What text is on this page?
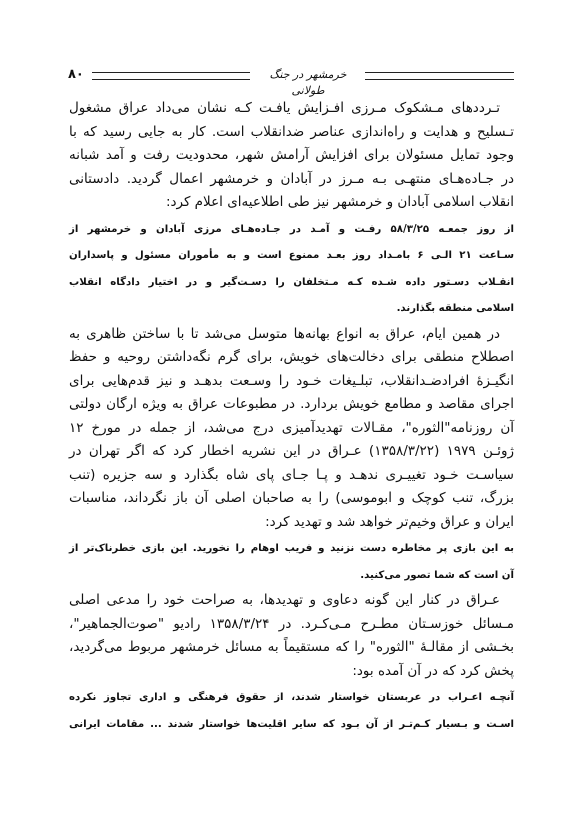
۸۰	خرمشهر در جنگ طولانی

تـرددهای مـشکوک مـرزی افـزایش یافـت کـه نشان می‌داد عراق مشغول
تـسلیح و هدایت و راه‌اندازی عناصر ضدانقلاب است. کار به جایی رسید که با
وجود تمایل مسئولان برای افزایش آرامش شهر، محدودیت رفت و آمد شبانه
در جـاده‌هـای منتهـی بـه مـرز در آبادان و خرمشهر اعمال گردید. دادستانی
انقلاب اسلامی آبادان و خرمشهر نیز طی اطلاعیه‌ای اعلام کرد:

از روز جمعـه ۵۸/۳/۲۵ رفـت و آمـد در جـاده‌هـای مرزی آبادان و خرمشهر از
سـاعت ۲۱ الـی ۶ بامـداد روز بعـد ممنوع است و به مأموران مسئول و پاسداران
انقـلاب دسـتور داده شـده کـه مـتخلفان را دسـت‌گیر و در اختیار دادگاه انقلاب
اسلامی منطقه بگذارند.

در همین ایام، عراق به انواع بهانه‌ها متوسل می‌شد تا با ساختن ظاهری به
اصطلاح منطقی برای دخالت‌های خویش، برای گرم نگه‌داشتن روحیه و حفظ
انگیـزهٔ افرادضـدانقلاب، تبلـیغات خـود را وسـعت بدهـد و نیز قدم‌هایی برای
اجرای مقاصد و مطامع خویش بردارد. در مطبوعات عراق به ویژه ارگان دولتی
آن روزنامه"الثوره"، مقـالات تهدیدآمیزی درج می‌شد، از جمله در مورخ ۱۲
ژوئـن ۱۹۷۹ (۱۳۵۸/۳/۲۲) عـراق در این نشریه اخطار کرد که اگر تهران در
سیاسـت خـود تغییـری ندهـد و پـا جـای پای شاه بگذارد و سه جزیره (تنب
بزرگ، تنب کوچک و ابوموسی) را به صاحبان اصلی آن باز نگرداند، مناسبات
ایران و عراق وخیم‌تر خواهد شد و تهدید کرد:

به این بازی پر مخاطره دست نزنید و فریب اوهام را نخورید. این بازی خطرناک‌تر از
آن است که شما تصور می‌کنید.

عـراق در کنار این گونه دعاوی و تهدیدها، به صراحت خود را مدعی اصلی
مـسائل خوزسـتان مطـرح مـی‌کـرد. در ۱۳۵۸/۳/۲۴ رادیو "صوت‌الجماهیر"،
بخـشی از مقالـهٔ "الثوره" را که مستقیماً به مسائل خرمشهر مربوط می‌گردید،
پخش کرد که در آن آمده بود:

آنچـه اعـراب در عربستان خواستار شدند، از حقوق فرهنگی و اداری تجاوز نکرده
اسـت و بـسیار کـم‌تـر از آن بـود که سایر اقلیت‌ها خواستار شدند ... مقامات ایرانی
